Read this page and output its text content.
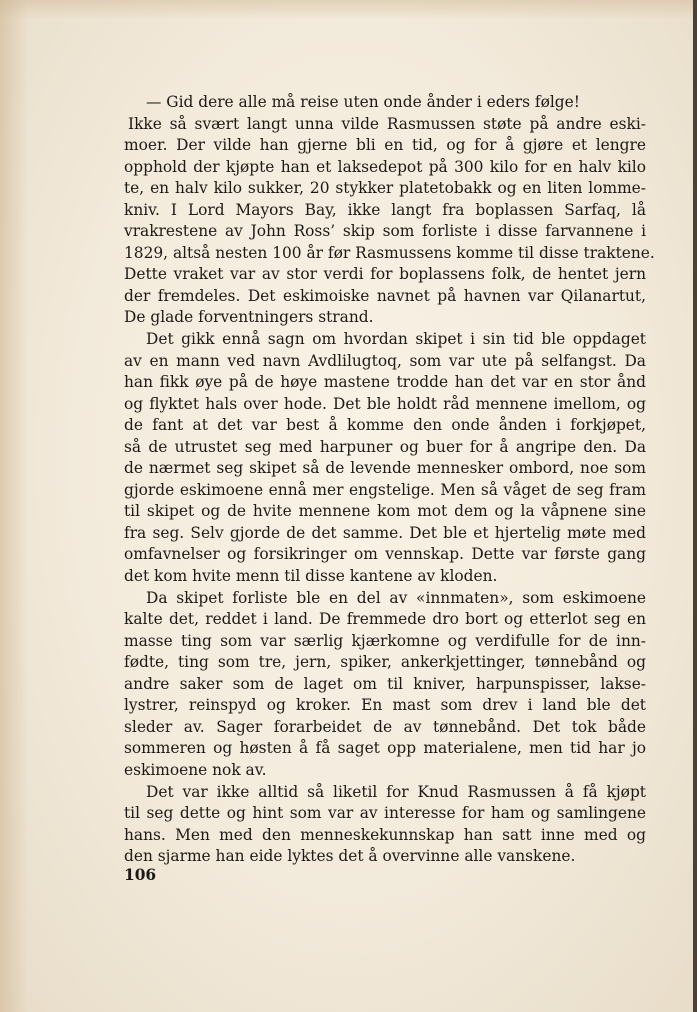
— Gid dere alle må reise uten onde ånder i eders følge!
Ikke så svært langt unna vilde Rasmussen støte på andre eski-
moer. Der vilde han gjerne bli en tid, og for å gjøre et lengre
opphold der kjøpte han et laksedepot på 300 kilo for en halv kilo
te, en halv kilo sukker, 20 stykker platetobakk og en liten lomme-
kniv. I Lord Mayors Bay, ikke langt fra boplassen Sarfaq, lå
vrakrestene av John Ross’ skip som forliste i disse farvannene i
1829, altså nesten 100 år før Rasmussens komme til disse traktene.
Dette vraket var av stor verdi for boplassens folk, de hentet jern
der fremdeles. Det eskimoiske navnet på havnen var Qilanartut,
De glade forventningers strand.
Det gikk ennå sagn om hvordan skipet i sin tid ble oppdaget
av en mann ved navn Avdlilugtoq, som var ute på selfangst. Da
han fikk øye på de høye mastene trodde han det var en stor ånd
og flyktet hals over hode. Det ble holdt råd mennene imellom, og
de fant at det var best å komme den onde ånden i forkjøpet,
så de utrustet seg med harpuner og buer for å angripe den. Da
de nærmet seg skipet så de levende mennesker ombord, noe som
gjorde eskimoene ennå mer engstelige. Men så våget de seg fram
til skipet og de hvite mennene kom mot dem og la våpnene sine
fra seg. Selv gjorde de det samme. Det ble et hjertelig møte med
omfavnelser og forsikringer om vennskap. Dette var første gang
det kom hvite menn til disse kantene av kloden.
Da skipet forliste ble en del av «innmaten», som eskimoene
kalte det, reddet i land. De fremmede dro bort og etterlot seg en
masse ting som var særlig kjærkomne og verdifulle for de inn-
fødte, ting som tre, jern, spiker, ankerkjettinger, tønnebånd og
andre saker som de laget om til kniver, harpunspisser, lakse-
lystrer, reinspyd og kroker. En mast som drev i land ble det
sleder av. Sager forarbeidet de av tønnebånd. Det tok både
sommeren og høsten å få saget opp materialene, men tid har jo
eskimoene nok av.
Det var ikke alltid så liketil for Knud Rasmussen å få kjøpt
til seg dette og hint som var av interesse for ham og samlingene
hans. Men med den menneskekunnskap han satt inne med og
den sjarme han eide lyktes det å overvinne alle vanskene.
106
